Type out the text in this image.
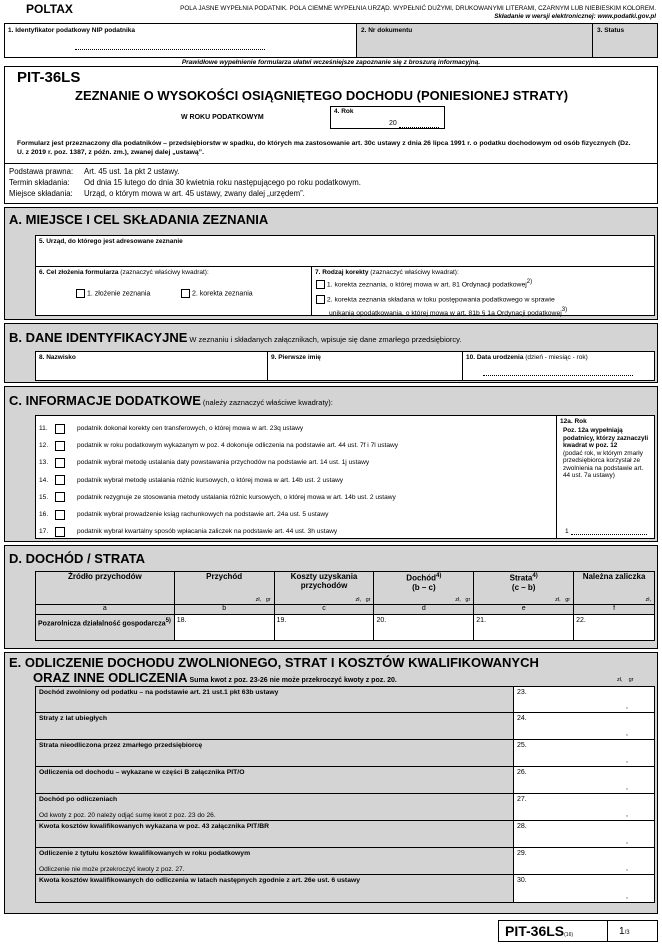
POLTAX	POLA JASNE WYPEŁNIA PODATNIK. POLA CIEMNE WYPEŁNIA URZĄD. WYPEŁNIĆ DUŻYMI, DRUKOWANYMI LITERAMI, CZARNYM LUB NIEBIESKIM KOLOREM.
Składanie w wersji elektronicznej: www.podatki.gov.pl
1. Identyfikator podatkowy NIP podatnika	2. Nr dokumentu	3. Status
Prawidłowe wypełnienie formularza ułatwi wcześniejsze zapoznanie się z broszurą informacyjną.
PIT-36LS
ZEZNANIE O WYSOKOŚCI OSIĄGNIĘTEGO DOCHODU (PONIESIONEJ STRATY)
W ROKU PODATKOWYM
4. Rok
20
Formularz jest przeznaczony dla podatników – przedsiębiorstw w spadku, do których ma zastosowanie art. 30c ustawy z dnia 26 lipca 1991 r. o podatku dochodowym od osób fizycznych (Dz. U. z 2019 r. poz. 1387, z późn. zm.), zwanej dalej „ustawą”.
Podstawa prawna:	Art. 45 ust. 1a pkt 2 ustawy.
Termin składania:	Od dnia 15 lutego do dnia 30 kwietnia roku następującego po roku podatkowym.
Miejsce składania:	Urząd, o którym mowa w art. 45 ustawy, zwany dalej „urzędem”.
A. MIEJSCE I CEL SKŁADANIA ZEZNANIA
5. Urząd, do którego jest adresowane zeznanie
6. Cel złożenia formularza (zaznaczyć właściwy kwadrat):
1. złożenie zeznania	2. korekta zeznania
7. Rodzaj korekty (zaznaczyć właściwy kwadrat):
1. korekta zeznania, o której mowa w art. 81 Ordynacji podatkowej$^{2)}$
2. korekta zeznania składana w toku postępowania podatkowego w sprawie
unikania opodatkowania, o której mowa w art. 81b § 1a Ordynacji podatkowej$^{3)}$
B. DANE IDENTYFIKACYJNE W zeznaniu i składanych załącznikach, wpisuje się dane zmarłego przedsiębiorcy.
8. Nazwisko	9. Pierwsze imię	10. Data urodzenia (dzień - miesiąc - rok)
C. INFORMACJE DODATKOWE (należy zaznaczyć właściwe kwadraty):
11.	podatnik dokonał korekty cen transferowych, o której mowa w art. 23q ustawy
12.	podatnik w roku podatkowym wykazanym w poz. 4 dokonuje odliczenia na podstawie art. 44 ust. 7f i 7l ustawy
13.	podatnik wybrał metodę ustalania daty powstawania przychodów na podstawie art. 14 ust. 1j ustawy
14.	podatnik wybrał metodę ustalania różnic kursowych, o której mowa w art. 14b ust. 2 ustawy
15.	podatnik rezygnuje ze stosowania metody ustalania różnic kursowych, o której mowa w art. 14b ust. 2 ustawy
16.	podatnik wybrał prowadzenie ksiąg rachunkowych na podstawie art. 24a ust. 5 ustawy
17.	podatnik wybrał kwartalny sposób wpłacania zaliczek na podstawie art. 44 ust. 3h ustawy
12a. Rok
Poz. 12a wypełniają podatnicy, którzy zaznaczyli kwadrat w poz. 12
(podać rok, w którym zmarły przedsiębiorca korzystał ze zwolnienia na podstawie art. 44 ust. 7a ustawy)
1
D. DOCHÓD / STRATA
Źródło przychodów	Przychód	Koszty uzyskania przychodów	Dochód$^{4)}$
(b – c)	Strata$^{4)}$
(c – b)	Należna zaliczka
	zł, gr	zł, gr	zł, gr	zł, gr	zł,
a	b	c	d	e	f
Pozarolnicza działalność gospodarcza$^{5)}$	18.	19.	20.	21.	22.
E. ODLICZENIE DOCHODU ZWOLNIONEGO, STRAT I KOSZTÓW KWALIFIKOWANYCH
ORAZ INNE ODLICZENIA Suma kwot z poz. 23-26 nie może przekroczyć kwoty z poz. 20.	zł, gr
Dochód zwolniony od podatku – na podstawie art. 21 ust.1 pkt 63b ustawy	23.
,
Straty z lat ubiegłych	24.
,
Strata nieodliczona przez zmarłego przedsiębiorcę	25.
,
Odliczenia od dochodu – wykazane w części B załącznika PIT/O	26.
,
Dochód po odliczeniach
Od kwoty z poz. 20 należy odjąć sumę kwot z poz. 23 do 26.
27.
,
Kwota kosztów kwalifikowanych wykazana w poz. 43 załącznika PIT/BR	28.
,
Odliczenie z tytułu kosztów kwalifikowanych w roku podatkowym
Odliczenie nie może przekroczyć kwoty z poz. 27.
29.
,
Kwota kosztów kwalifikowanych do odliczenia w latach następnych zgodnie z art. 26e ust. 6 ustawy	30.
,
PIT-36LS(16)	1/3
